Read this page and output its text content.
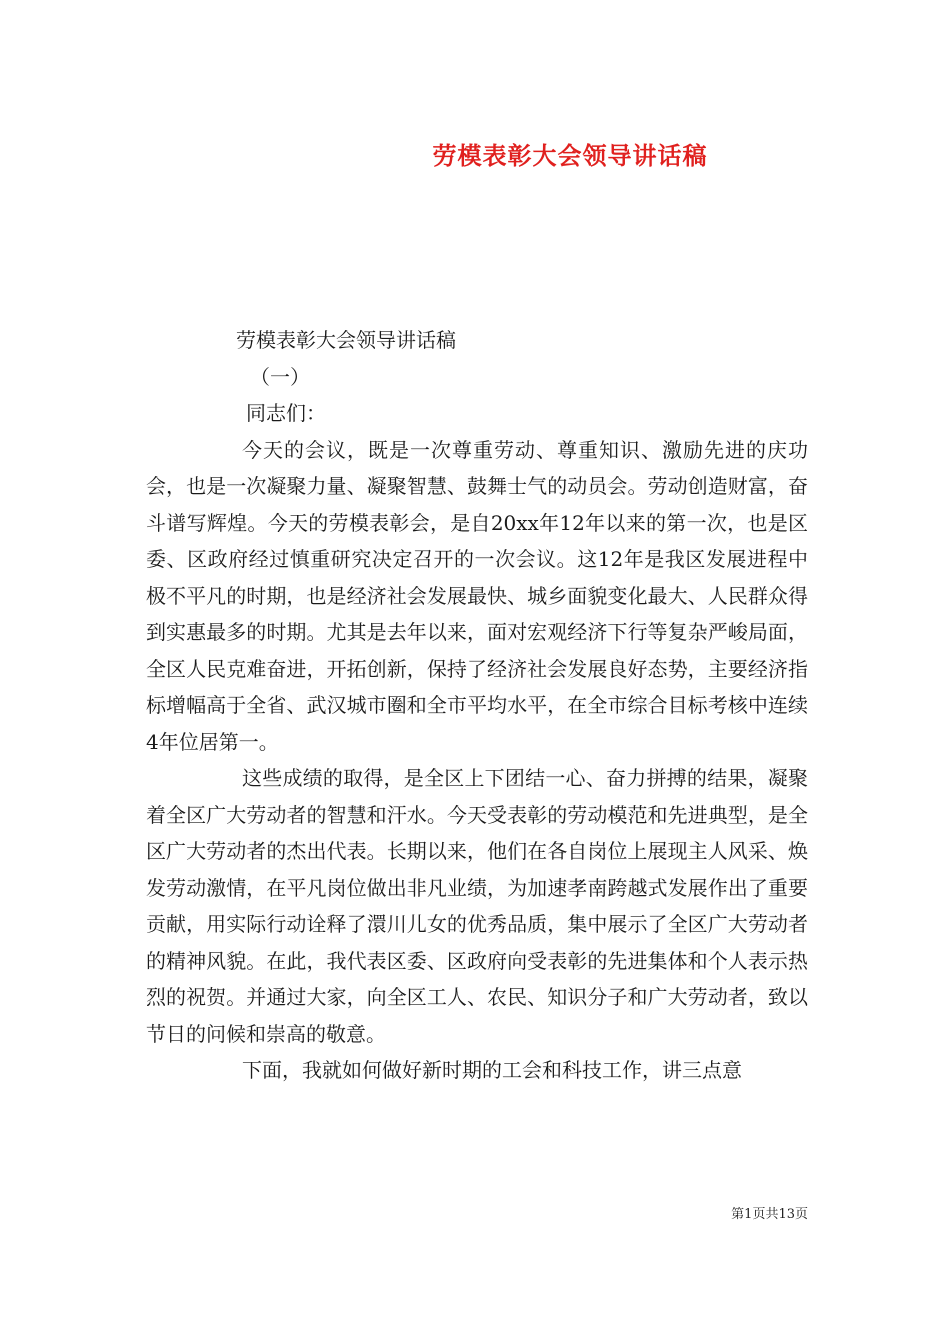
劳模表彰大会领导讲话稿

劳模表彰大会领导讲话稿

（一）

同志们：

今天的会议，既是一次尊重劳动、尊重知识、激励先进的庆功会，也是一次凝聚力量、凝聚智慧、鼓舞士气的动员会。劳动创造财富，奋斗谱写辉煌。今天的劳模表彰会，是自20xx年12年以来的第一次，也是区委、区政府经过慎重研究决定召开的一次会议。这12年是我区发展进程中极不平凡的时期，也是经济社会发展最快、城乡面貌变化最大、人民群众得到实惠最多的时期。尤其是去年以来，面对宏观经济下行等复杂严峻局面，全区人民克难奋进，开拓创新，保持了经济社会发展良好态势，主要经济指标增幅高于全省、武汉城市圈和全市平均水平，在全市综合目标考核中连续4年位居第一。

这些成绩的取得，是全区上下团结一心、奋力拼搏的结果，凝聚着全区广大劳动者的智慧和汗水。今天受表彰的劳动模范和先进典型，是全区广大劳动者的杰出代表。长期以来，他们在各自岗位上展现主人风采、焕发劳动激情，在平凡岗位做出非凡业绩，为加速孝南跨越式发展作出了重要贡献，用实际行动诠释了澴川儿女的优秀品质，集中展示了全区广大劳动者的精神风貌。在此，我代表区委、区政府向受表彰的先进集体和个人表示热烈的祝贺。并通过大家，向全区工人、农民、知识分子和广大劳动者，致以节日的问候和崇高的敬意。

下面，我就如何做好新时期的工会和科技工作，讲三点意

第1页共13页
